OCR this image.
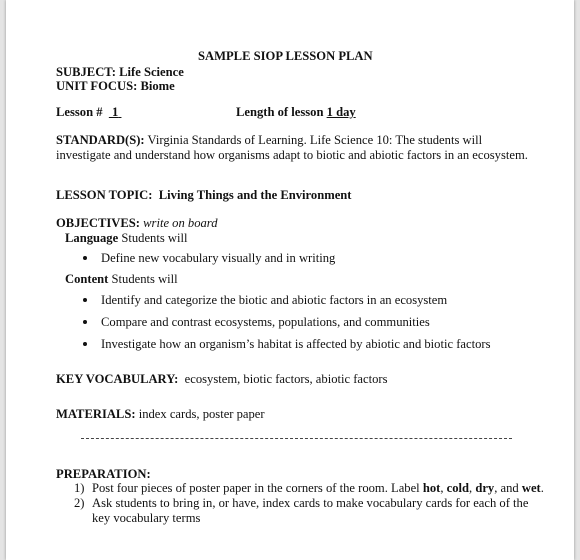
SAMPLE SIOP LESSON PLAN
SUBJECT: Life Science
UNIT FOCUS: Biome
Lesson # 1	Length of lesson 1 day
STANDARD(S): Virginia Standards of Learning. Life Science 10: The students will
investigate and understand how organisms adapt to biotic and abiotic factors in an ecosystem.
LESSON TOPIC: Living Things and the Environment
OBJECTIVES: write on board
Language Students will
Define new vocabulary visually and in writing
Content Students will
Identify and categorize the biotic and abiotic factors in an ecosystem
Compare and contrast ecosystems, populations, and communities
Investigate how an organism’s habitat is affected by abiotic and biotic factors
KEY VOCABULARY: ecosystem, biotic factors, abiotic factors
MATERIALS: index cards, poster paper
PREPARATION:
1) Post four pieces of poster paper in the corners of the room. Label hot, cold, dry, and wet.
2) Ask students to bring in, or have, index cards to make vocabulary cards for each of the
key vocabulary terms
